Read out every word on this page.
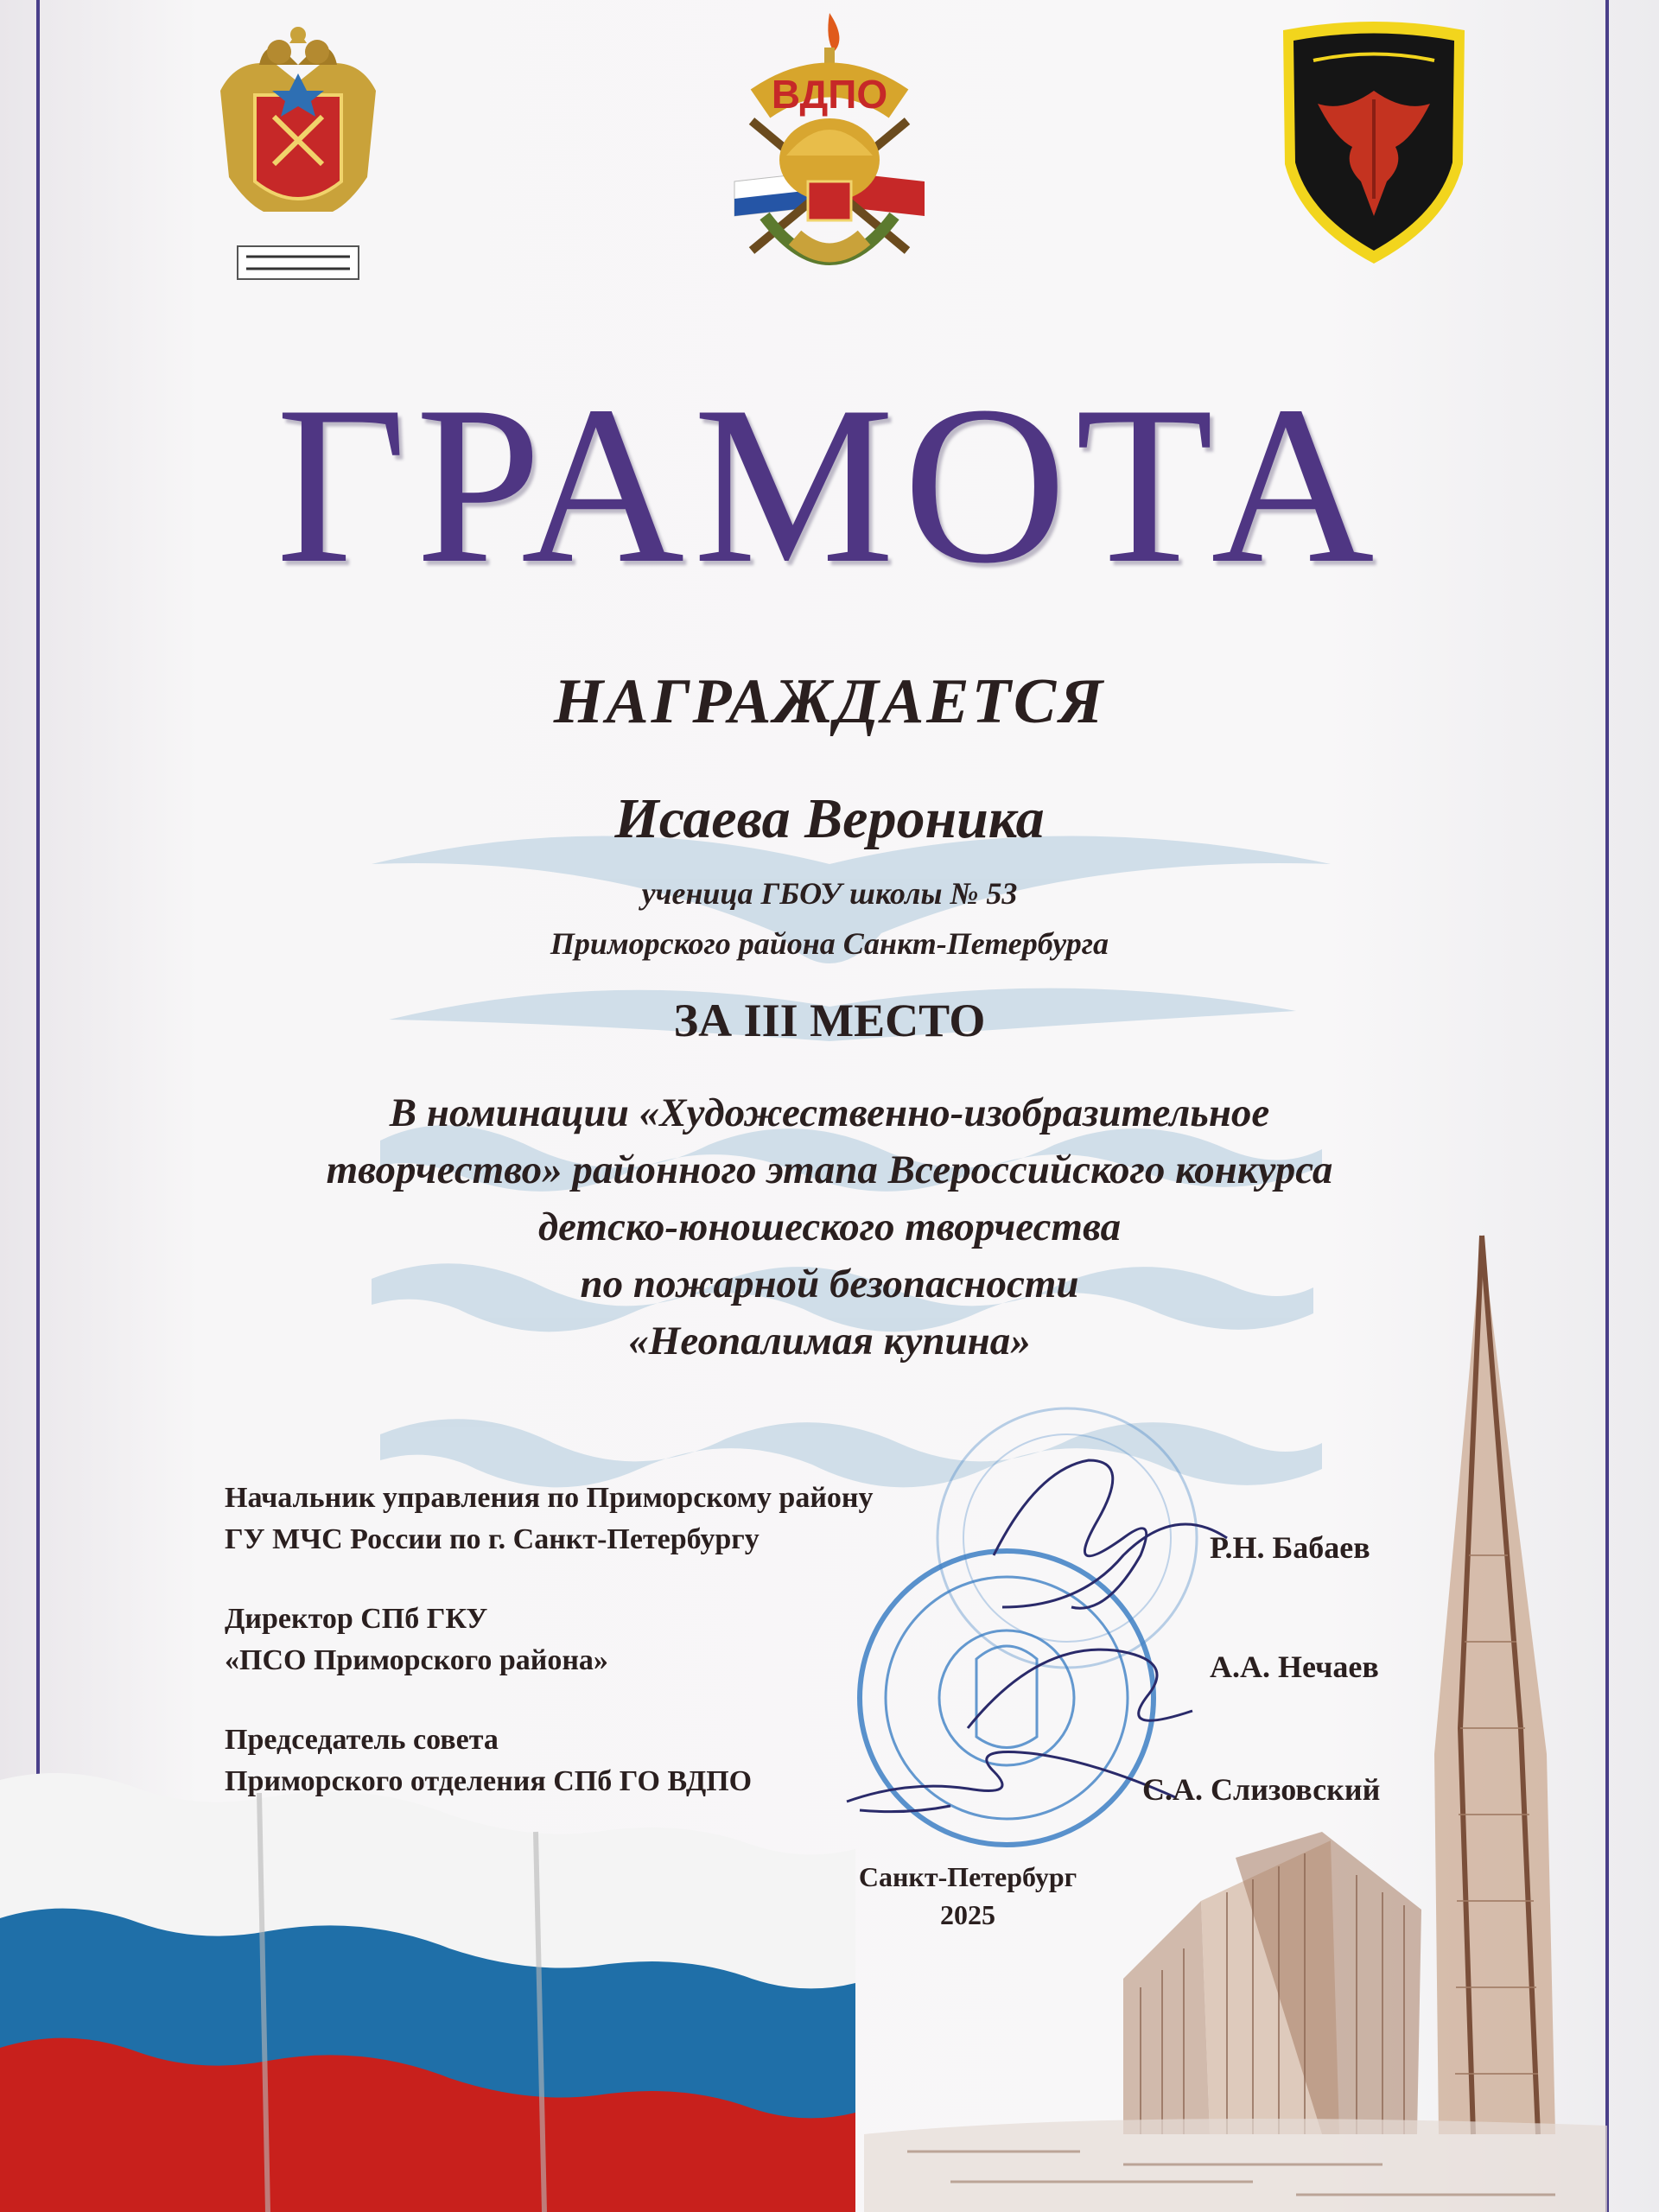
ВДПО
ГРАМОТА
НАГРАЖДАЕТСЯ
Исаева Вероника
ученица ГБОУ школы № 53
Приморского района Санкт-Петербурга
ЗА III МЕСТО
В номинации «Художественно-изобразительное
творчество» районного этапа Всероссийского конкурса
детско-юношеского творчества
по пожарной безопасности
«Неопалимая купина»
Начальник управления по Приморскому району
ГУ МЧС России по г. Санкт-Петербургу	Р.Н. Бабаев
Директор СПб ГКУ
«ПСО Приморского района»	А.А. Нечаев
Председатель совета
Приморского отделения СПб ГО ВДПО	С.А. Слизовский
Санкт-Петербург
2025
